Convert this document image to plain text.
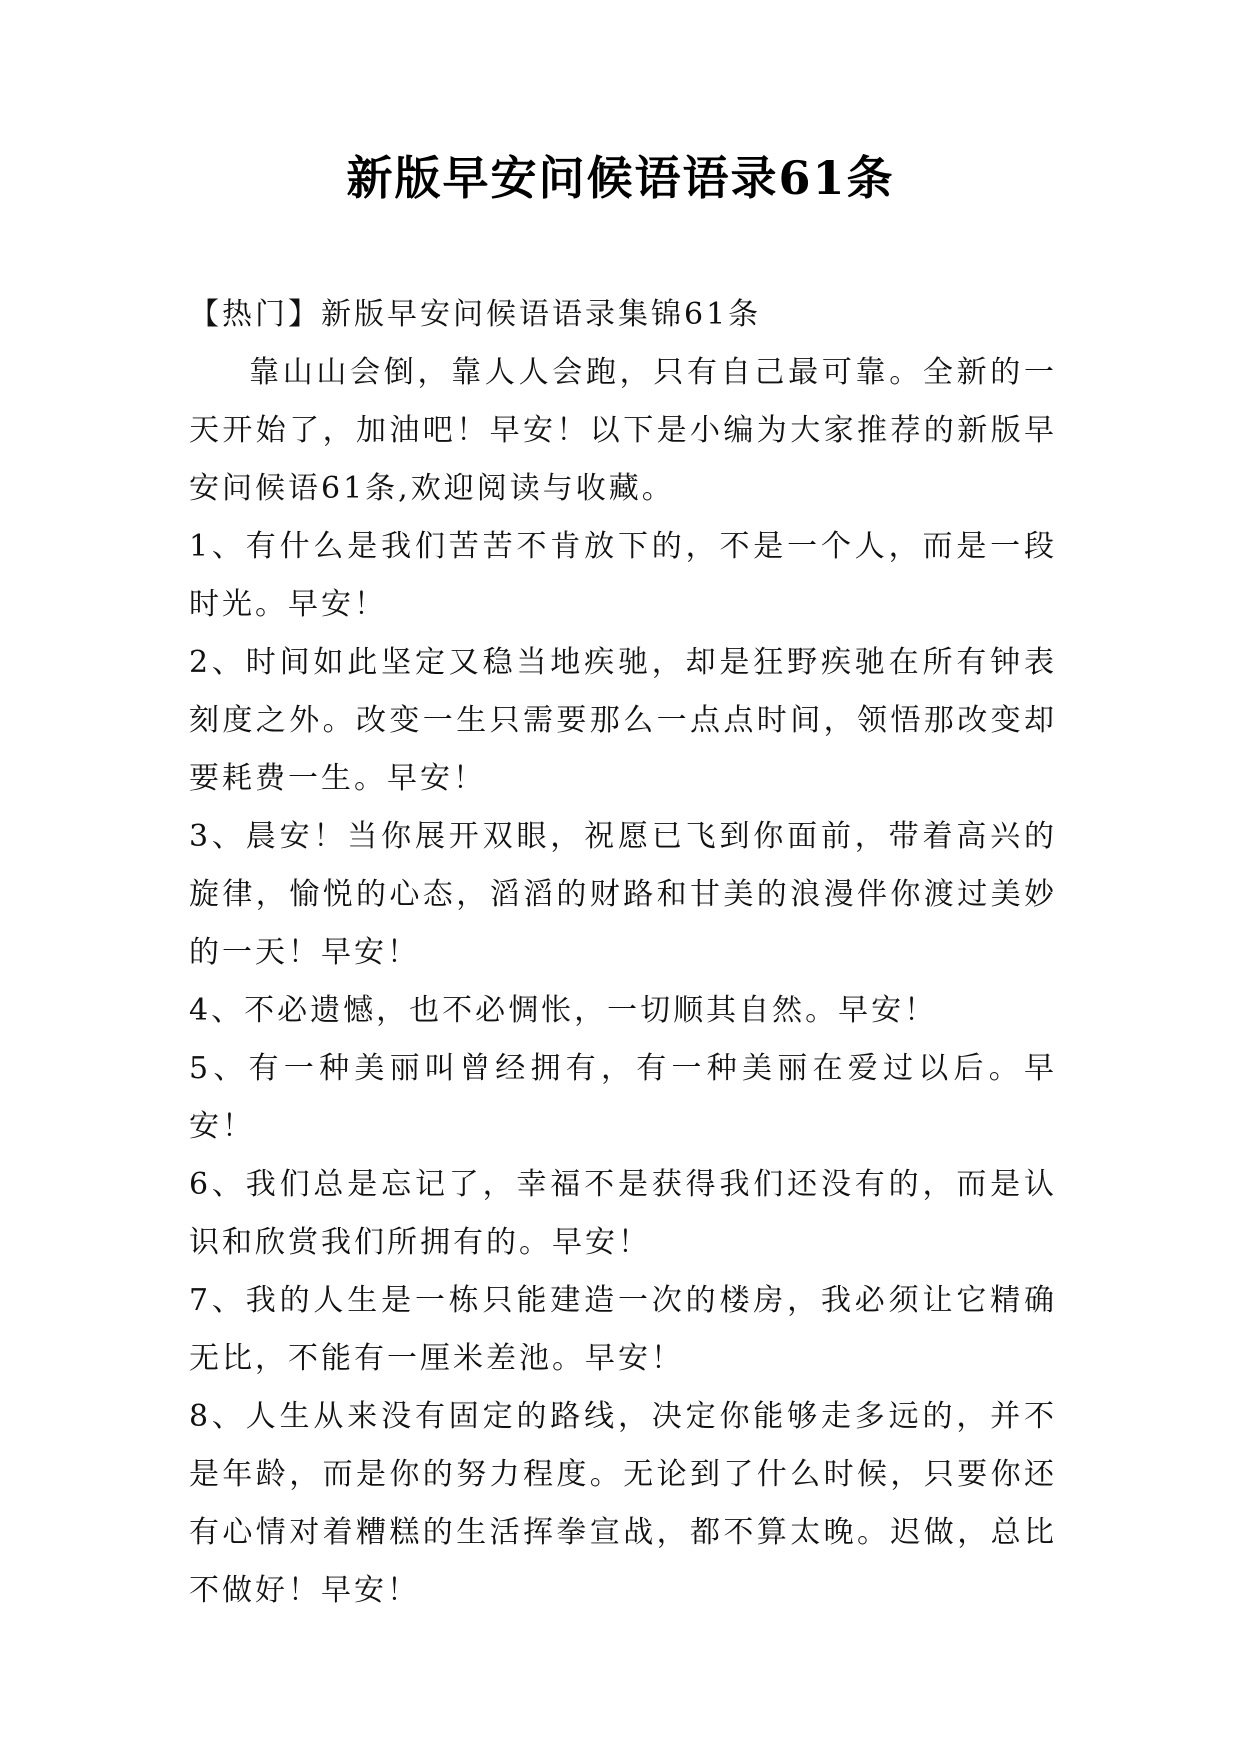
新版早安问候语语录61条

【热门】新版早安问候语语录集锦61条

靠山山会倒，靠人人会跑，只有自己最可靠。全新的一天开始了，加油吧！早安！以下是小编为大家推荐的新版早安问候语61条,欢迎阅读与收藏。

1、有什么是我们苦苦不肯放下的，不是一个人，而是一段时光。早安！

2、时间如此坚定又稳当地疾驰，却是狂野疾驰在所有钟表刻度之外。改变一生只需要那么一点点时间，领悟那改变却要耗费一生。早安！

3、晨安！当你展开双眼，祝愿已飞到你面前，带着高兴的旋律，愉悦的心态，滔滔的财路和甘美的浪漫伴你渡过美妙的一天！早安！

4、不必遗憾，也不必惆怅，一切顺其自然。早安！

5、有一种美丽叫曾经拥有，有一种美丽在爱过以后。早安！

6、我们总是忘记了，幸福不是获得我们还没有的，而是认识和欣赏我们所拥有的。早安！

7、我的人生是一栋只能建造一次的楼房，我必须让它精确无比，不能有一厘米差池。早安！

8、人生从来没有固定的路线，决定你能够走多远的，并不是年龄，而是你的努力程度。无论到了什么时候，只要你还有心情对着糟糕的生活挥拳宣战，都不算太晚。迟做，总比不做好！早安！
